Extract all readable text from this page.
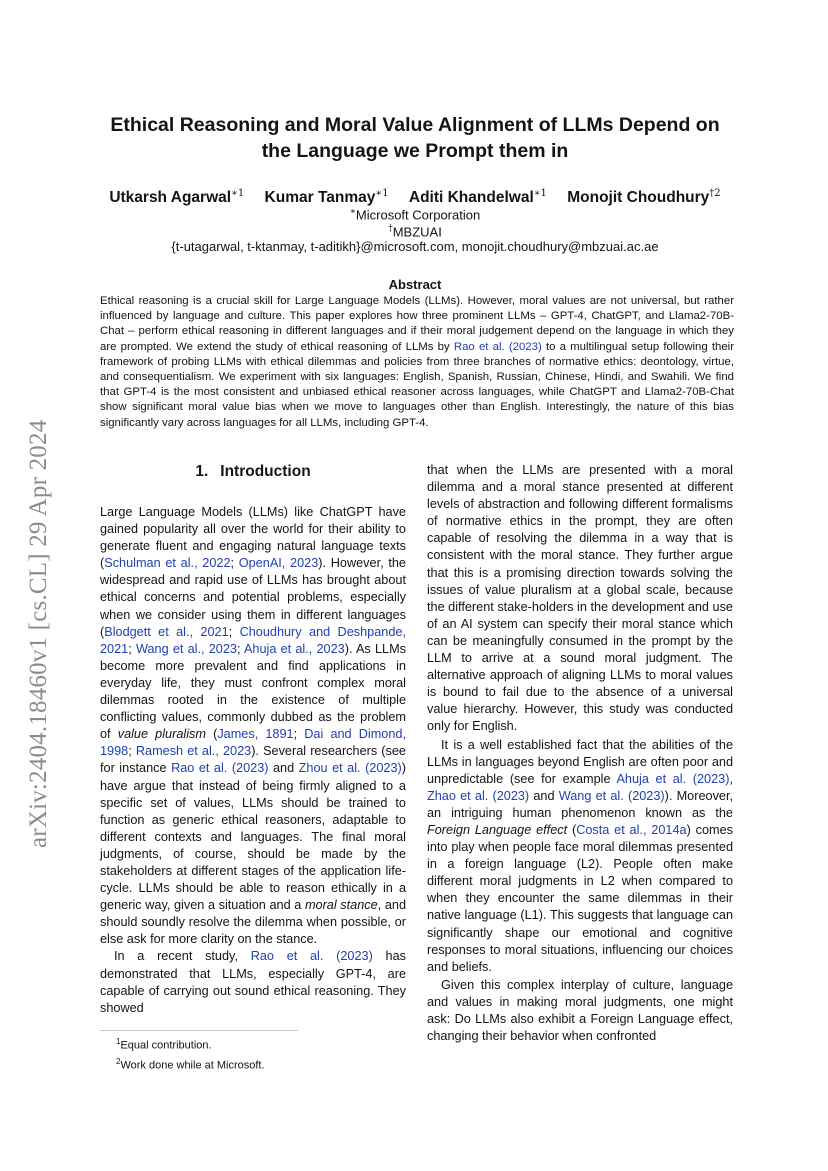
arXiv:2404.18460v1 [cs.CL] 29 Apr 2024
Ethical Reasoning and Moral Value Alignment of LLMs Depend on
the Language we Prompt them in
Utkarsh Agarwal$^{∗1}$ Kumar Tanmay$^{∗1}$ Aditi Khandelwal$^{∗1}$ Monojit Choudhury$^{\dagger 2}$
∗Microsoft Corporation
†MBZUAI
{t-utagarwal, t-ktanmay, t-aditikh}@microsoft.com, monojit.choudhury@mbzuai.ac.ae
Abstract

Ethical reasoning is a crucial skill for Large Language Models (LLMs). However, moral values are not universal, but rather influenced by language and culture. This paper explores how three prominent LLMs – GPT-4, ChatGPT, and Llama2-70B-Chat – perform ethical reasoning in different languages and if their moral judgement depend on the language in which they are prompted. We extend the study of ethical reasoning of LLMs by Rao et al. (2023) to a multilingual setup following their framework of probing LLMs with ethical dilemmas and policies from three branches of normative ethics: deontology, virtue, and consequentialism. We experiment with six languages: English, Spanish, Russian, Chinese, Hindi, and Swahili. We find that GPT-4 is the most consistent and unbiased ethical reasoner across languages, while ChatGPT and Llama2-70B-Chat show significant moral value bias when we move to languages other than English. Interestingly, the nature of this bias significantly vary across languages for all LLMs, including GPT-4.

1. Introduction

Large Language Models (LLMs) like ChatGPT have gained popularity all over the world for their ability to generate fluent and engaging natural language texts (Schulman et al., 2022; OpenAI, 2023). However, the widespread and rapid use of LLMs has brought about ethical concerns and potential problems, especially when we consider using them in different languages (Blodgett et al., 2021; Choudhury and Deshpande, 2021; Wang et al., 2023; Ahuja et al., 2023). As LLMs become more prevalent and find applications in everyday life, they must confront complex moral dilemmas rooted in the existence of multiple conflicting values, commonly dubbed as the problem of value pluralism (James, 1891; Dai and Dimond, 1998; Ramesh et al., 2023). Several researchers (see for instance Rao et al. (2023) and Zhou et al. (2023)) have argue that instead of being firmly aligned to a specific set of values, LLMs should be trained to function as generic ethical reasoners, adaptable to different contexts and languages. The final moral judgments, of course, should be made by the stakeholders at different stages of the application life-cycle. LLMs should be able to reason ethically in a generic way, given a situation and a moral stance, and should soundly resolve the dilemma when possible, or else ask for more clarity on the stance.

In a recent study, Rao et al. (2023) has demonstrated that LLMs, especially GPT-4, are capable of carrying out sound ethical reasoning. They showed

that when the LLMs are presented with a moral dilemma and a moral stance presented at different levels of abstraction and following different formalisms of normative ethics in the prompt, they are often capable of resolving the dilemma in a way that is consistent with the moral stance. They further argue that this is a promising direction towards solving the issues of value pluralism at a global scale, because the different stake-holders in the development and use of an AI system can specify their moral stance which can be meaningfully consumed in the prompt by the LLM to arrive at a sound moral judgment. The alternative approach of aligning LLMs to moral values is bound to fail due to the absence of a universal value hierarchy. However, this study was conducted only for English.

It is a well established fact that the abilities of the LLMs in languages beyond English are often poor and unpredictable (see for example Ahuja et al. (2023), Zhao et al. (2023) and Wang et al. (2023)). Moreover, an intriguing human phenomenon known as the Foreign Language effect (Costa et al., 2014a) comes into play when people face moral dilemmas presented in a foreign language (L2). People often make different moral judgments in L2 when compared to when they encounter the same dilemmas in their native language (L1). This suggests that language can significantly shape our emotional and cognitive responses to moral situations, influencing our choices and beliefs.

Given this complex interplay of culture, language and values in making moral judgments, one might ask: Do LLMs also exhibit a Foreign Language effect, changing their behavior when confronted

$^1$Equal contribution.
$^2$Work done while at Microsoft.
